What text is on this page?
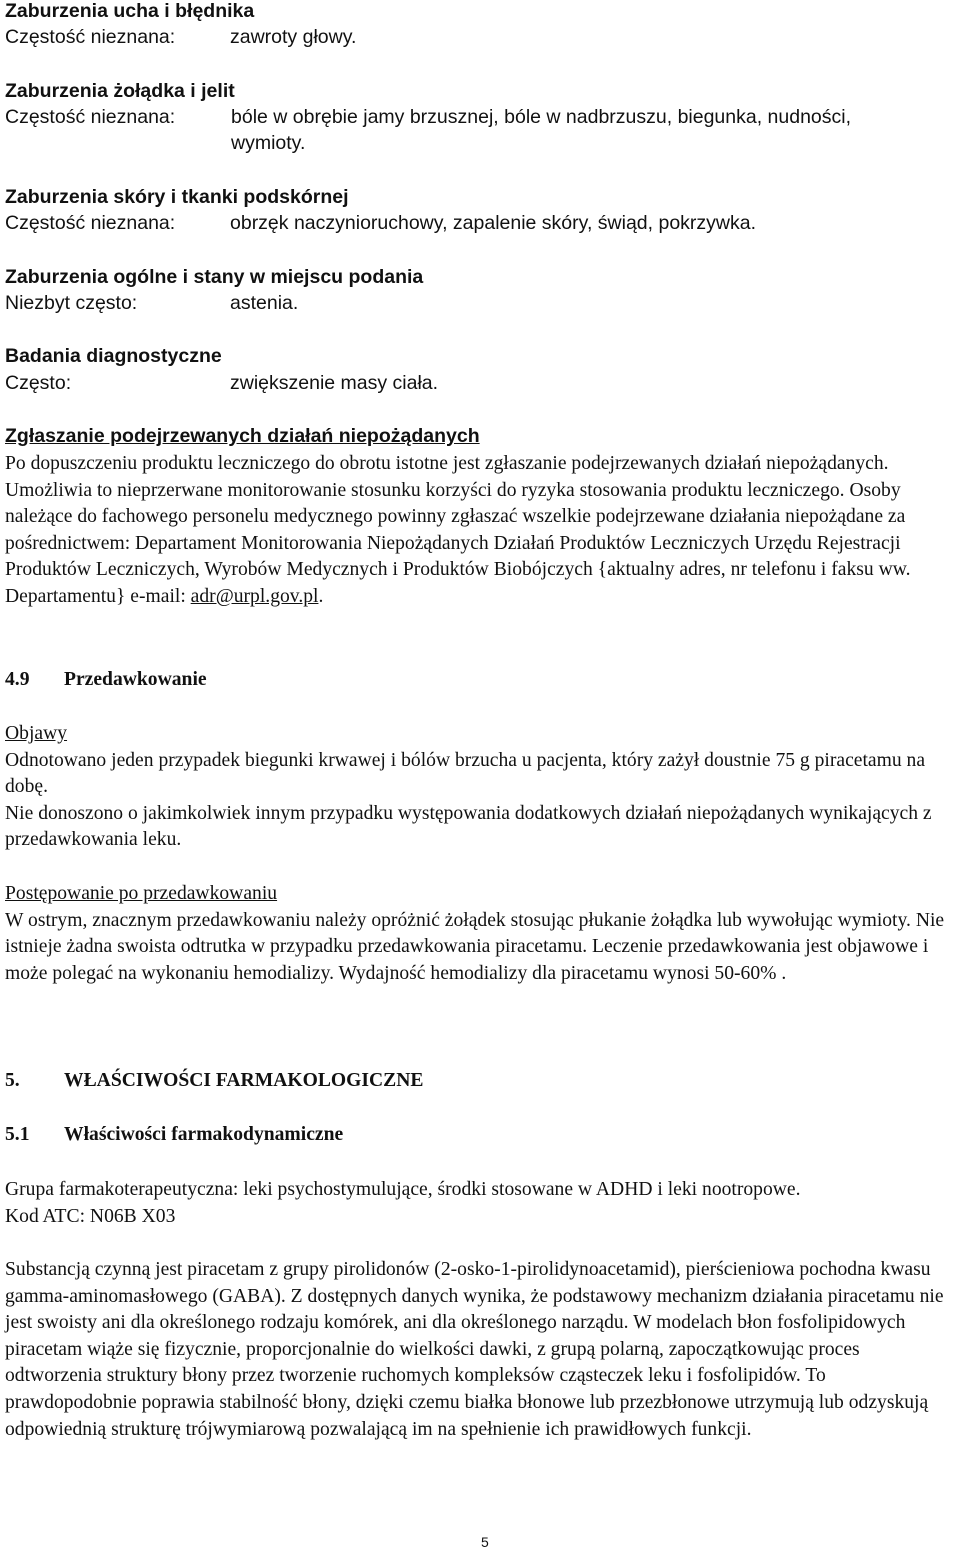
Zaburzenia ucha i błędnika
Częstość nieznana:	zawroty głowy.
Zaburzenia żołądka i jelit
Częstość nieznana:	bóle w obrębie jamy brzusznej, bóle w nadbrzuszu, biegunka, nudności,
wymioty.
Zaburzenia skóry i tkanki podskórnej
Częstość nieznana:	obrzęk naczynioruchowy, zapalenie skóry, świąd, pokrzywka.
Zaburzenia ogólne i stany w miejscu podania
Niezbyt często:	astenia.
Badania diagnostyczne
Często:	zwiększenie masy ciała.
Zgłaszanie podejrzewanych działań niepożądanych

Po dopuszczeniu produktu leczniczego do obrotu istotne jest zgłaszanie podejrzewanych działań niepożądanych. Umożliwia to nieprzerwane monitorowanie stosunku korzyści do ryzyka stosowania produktu leczniczego. Osoby należące do fachowego personelu medycznego powinny zgłaszać wszelkie podejrzewane działania niepożądane za pośrednictwem: Departament Monitorowania Niepożądanych Działań Produktów Leczniczych Urzędu Rejestracji Produktów Leczniczych, Wyrobów Medycznych i Produktów Biobójczych {aktualny adres, nr telefonu i faksu ww. Departamentu} e-mail: adr@urpl.gov.pl.

4.9 Przedawkowanie

Objawy

Odnotowano jeden przypadek biegunki krwawej i bólów brzucha u pacjenta, który zażył doustnie 75 g piracetamu na dobę.

Nie donoszono o jakimkolwiek innym przypadku występowania dodatkowych działań niepożądanych wynikających z przedawkowania leku.

Postępowanie po przedawkowaniu

W ostrym, znacznym przedawkowaniu należy opróżnić żołądek stosując płukanie żołądka lub wywołując wymioty. Nie istnieje żadna swoista odtrutka w przypadku przedawkowania piracetamu. Leczenie przedawkowania jest objawowe i może polegać na wykonaniu hemodializy. Wydajność hemodializy dla piracetamu wynosi 50-60% .

5. WŁAŚCIWOŚCI FARMAKOLOGICZNE
5.1 Właściwości farmakodynamiczne

Grupa farmakoterapeutyczna: leki psychostymulujące, środki stosowane w ADHD i leki nootropowe.

Kod ATC: N06B X03

Substancją czynną jest piracetam z grupy pirolidonów (2-osko-1-pirolidynoacetamid), pierścieniowa pochodna kwasu gamma-aminomasłowego (GABA). Z dostępnych danych wynika, że podstawowy mechanizm działania piracetamu nie jest swoisty ani dla określonego rodzaju komórek, ani dla określonego narządu. W modelach błon fosfolipidowych piracetam wiąże się fizycznie, proporcjonalnie do wielkości dawki, z grupą polarną, zapoczątkowując proces odtworzenia struktury błony przez tworzenie ruchomych kompleksów cząsteczek leku i fosfolipidów. To prawdopodobnie poprawia stabilność błony, dzięki czemu białka błonowe lub przezbłonowe utrzymują lub odzyskują odpowiednią strukturę trójwymiarową pozwalającą im na spełnienie ich prawidłowych funkcji.
5
